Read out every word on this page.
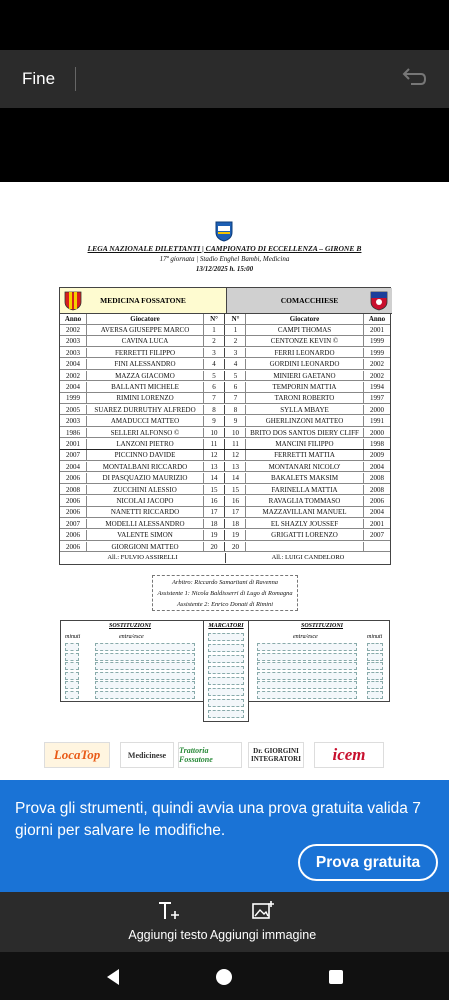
Fine
LEGA NAZIONALE DILETTANTI | CAMPIONATO DI ECCELLENZA – GIRONE B
17ª giornata | Stadio Enghel Bambi, Medicina
13/12/2025 h. 15:00
MEDICINA FOSSATONE	COMACCHIESE
Anno	Giocatore	N°	N°	Giocatore	Anno
2002	AVERSA GIUSEPPE MARCO	1	1	CAMPI THOMAS	2001
2003	CAVINA LUCA	2	2	CENTONZE KEVIN ©	1999
2003	FERRETTI FILIPPO	3	3	FERRI LEONARDO	1999
2004	FINI ALESSANDRO	4	4	GORDINI LEONARDO	2002
2002	MAZZA GIACOMO	5	5	MINIERI GAETANO	2002
2004	BALLANTI MICHELE	6	6	TEMPORIN MATTIA	1994
1999	RIMINI LORENZO	7	7	TARONI ROBERTO	1997
2005	SUAREZ DURRUTHY ALFREDO	8	8	SYLLA MBAYE	2000
2003	AMADUCCI MATTEO	9	9	GHERLINZONI MATTEO	1991
1986	SELLERI ALFONSO ©	10	10	BRITO DOS SANTOS DIERY CLIFF	2000
2001	LANZONI PIETRO	11	11	MANCINI FILIPPO	1998
2007	PICCINNO DAVIDE	12	12	FERRETTI MATTIA	2009
2004	MONTALBANI RICCARDO	13	13	MONTANARI NICOLO'	2004
2006	DI PASQUAZIO MAURIZIO	14	14	BAKALETS MAKSIM	2008
2008	ZUCCHINI ALESSIO	15	15	FARINELLA MATTIA	2008
2006	NICOLAI JACOPO	16	16	RAVAGLIA TOMMASO	2006
2006	NANETTI RICCARDO	17	17	MAZZAVILLANI MANUEL	2004
2007	MODELLI ALESSANDRO	18	18	EL SHAZLY JOUSSEF	2001
2006	VALENTE SIMON	19	19	GRIGATTI LORENZO	2007
2006	GIORGIONI MATTEO	20	20
All.: FULVIO ASSIRELLI	All.: LUIGI CANDELORO
Arbitro: Riccardo Samaritani di Ravenna
Assistente 1: Nicola Baldisserri di Lugo di Romagna
Assistente 2: Enrico Donati di Rimini
SOSTITUZIONI	SOSTITUZIONI
minuti	entra/esce	entra/esce	minuti
MARCATORI
LocaTop	Medicinese Trattoria Fossatone
Dr. GIORGINI
INTEGRATORI	icem
Prova gli strumenti, quindi avvia una prova gratuita valida 7 giorni per salvare le modifiche.
Prova gratuita
Aggiungi testo Aggiungi immagine
